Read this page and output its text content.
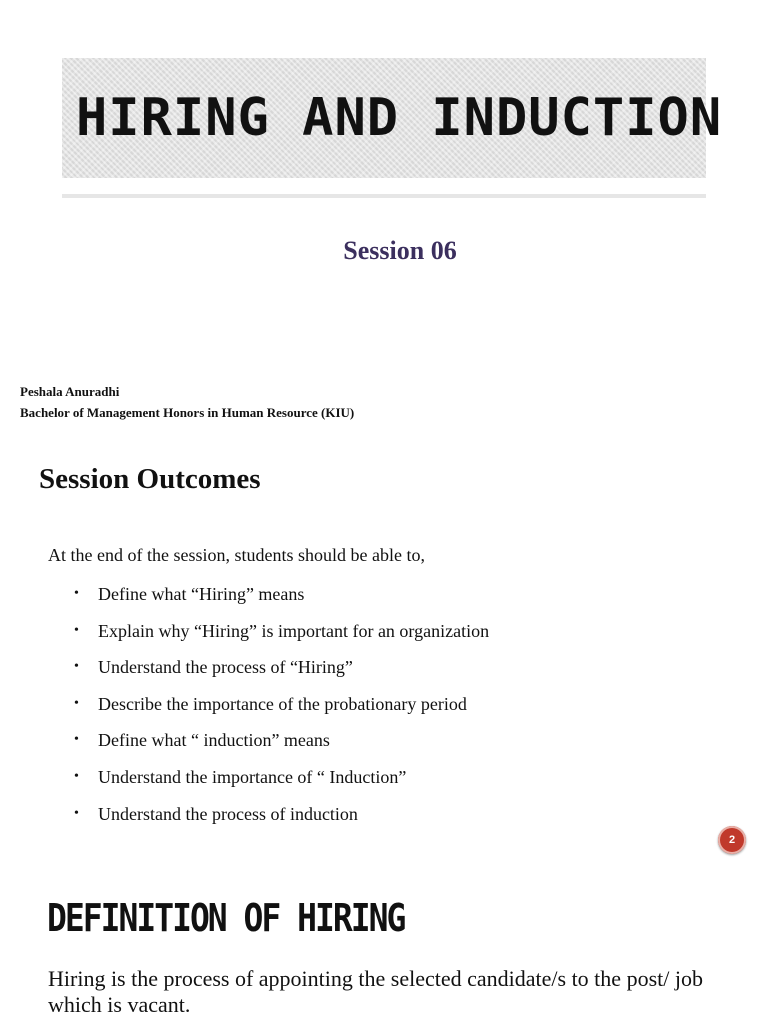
HIRING AND INDUCTION

Session 06

Peshala Anuradhi
Bachelor of Management Honors in Human Resource (KIU)
Session Outcomes

At the end of the session, students should be able to,

•	Define what “Hiring” means
•	Explain why “Hiring” is important for an organization
•	Understand the process of “Hiring”
•	Describe the importance of the probationary period
•	Define what “ induction” means
•	Understand the importance of “ Induction”
•	Understand the process of induction
2
DEFINITION OF HIRING

Hiring is the process of appointing the selected candidate/s to the post/ job which is vacant.
